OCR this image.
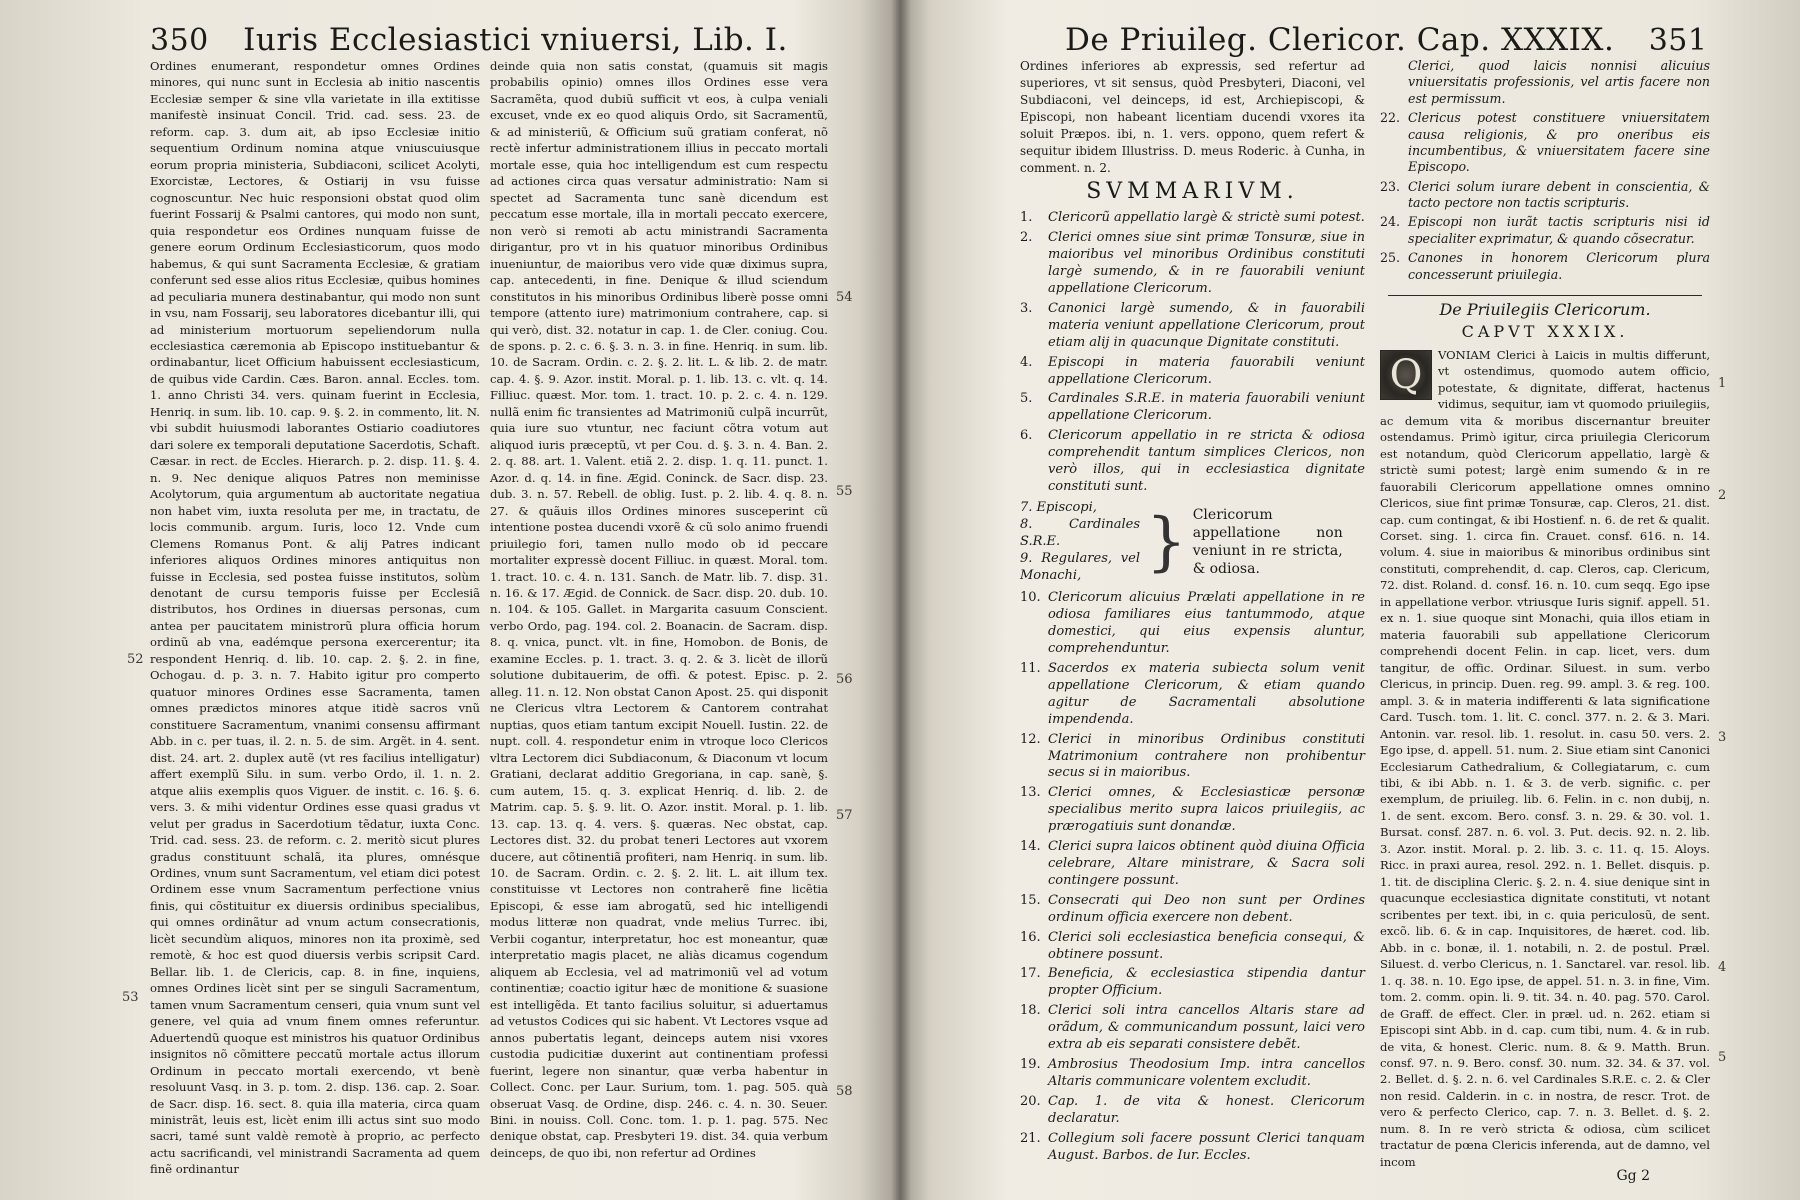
350 Iuris Ecclesiastici vniuersi, Lib. I.

Ordines enumerant, respondetur omnes Ordines minores, qui nunc sunt in Ecclesia ab initio nascentis Ecclesiæ semper & sine vlla varietate in illa extitisse manifestè insinuat Concil. Trid. cad. sess. 23. de reform. cap. 3. dum ait, ab ipso Ecclesiæ initio sequentium Ordinum nomina atque vniuscuiusque eorum propria ministeria, Subdiaconi, scilicet Acolyti, Exorcistæ, Lectores, & Ostiarij in vsu fuisse cognoscuntur. Nec huic responsioni obstat quod olim fuerint Fossarij & Psalmi cantores, qui modo non sunt, quia respondetur eos Ordines nunquam fuisse de genere eorum Ordinum Ecclesiasticorum, quos modo habemus, & qui sunt Sacramenta Ecclesiæ, & gratiam conferunt sed esse alios ritus Ecclesiæ, quibus homines ad peculiaria munera destinabantur, qui modo non sunt in vsu, nam Fossarij, seu laboratores dicebantur illi, qui ad ministerium mortuorum sepeliendorum nulla ecclesiastica cæremonia ab Episcopo instituebantur & ordinabantur, licet Officium habuissent ecclesiasticum, de quibus vide Cardin. Cæs. Baron. annal. Eccles. tom. 1. anno Christi 34. vers. quinam fuerint in Ecclesia, Henriq. in sum. lib. 10. cap. 9. §. 2. in commento, lit. N. vbi subdit huiusmodi laborantes Ostiario coadiutores dari solere ex temporali deputatione Sacerdotis, Schaft. Cæsar. in rect. de Eccles. Hierarch. p. 2. disp. 11. §. 4. n. 9. Nec denique aliquos Patres non meminisse Acolytorum, quia argumentum ab auctoritate negatiua non habet vim, iuxta resoluta per me, in tractatu, de locis communib. argum. Iuris, loco 12. Vnde cum Clemens Romanus Pont. & alij Patres indicant inferiores aliquos Ordines minores antiquitus non fuisse in Ecclesia, sed postea fuisse institutos, solùm denotant de cursu temporis fuisse per Ecclesiã distributos, hos Ordines in diuersas personas, cum antea per paucitatem ministrorũ plura officia horum ordinũ ab vna, eadémque persona exercerentur; ita respondent Henriq. d. lib. 10. cap. 2. §. 2. in fine, Ochogau. d. p. 3. n. 7. Habito igitur pro comperto quatuor minores Ordines esse Sacramenta, tamen omnes prædictos minores atque itidè sacros vnũ constituere Sacramentum, vnanimi consensu affirmant Abb. in c. per tuas, il. 2. n. 5. de sim. Argẽt. in 4. sent. dist. 24. art. 2. duplex autẽ (vt res facilius intelligatur) affert exemplũ Silu. in sum. verbo Ordo, il. 1. n. 2. atque aliis exemplis quos Viguer. de instit. c. 16. §. 6. vers. 3. & mihi videntur Ordines esse quasi gradus vt velut per gradus in Sacerdotium tẽdatur, iuxta Conc. Trid. cad. sess. 23. de reform. c. 2. meritò sicut plures gradus constituunt schalã, ita plures, omnésque Ordines, vnum sunt Sacramentum, vel etiam dici potest Ordinem esse vnum Sacramentum perfectione vnius finis, qui cõstituitur ex diuersis ordinibus specialibus, qui omnes ordinãtur ad vnum actum consecrationis, licèt secundùm aliquos, minores non ita proximè, sed remotè, & hoc est quod diuersis verbis scripsit Card. Bellar. lib. 1. de Clericis, cap. 8. in fine, inquiens, omnes Ordines licèt sint per se singuli Sacramentum, tamen vnum Sacramentum censeri, quia vnum sunt vel genere, vel quia ad vnum finem omnes referuntur. Aduertendũ quoque est ministros his quatuor Ordinibus insignitos nõ cõmittere peccatũ mortale actus illorum Ordinum in peccato mortali exercendo, vt benè resoluunt Vasq. in 3. p. tom. 2. disp. 136. cap. 2. Soar. de Sacr. disp. 16. sect. 8. quia illa materia, circa quam ministrãt, leuis est, licèt enim illi actus sint suo modo sacri, tamé sunt valdè remotè à proprio, ac perfecto actu sacrificandi, vel ministrandi Sacramenta ad quem finẽ ordinantur

deinde quia non satis constat, (quamuis sit magis probabilis opinio) omnes illos Ordines esse vera Sacramẽta, quod dubiũ sufficit vt eos, à culpa veniali excuset, vnde ex eo quod aliquis Ordo, sit Sacramentũ, & ad ministeriũ, & Officium suũ gratiam conferat, nõ rectè infertur administrationem illius in peccato mortali mortale esse, quia hoc intelligendum est cum respectu ad actiones circa quas versatur administratio: Nam si spectet ad Sacramenta tunc sanè dicendum est peccatum esse mortale, illa in mortali peccato exercere, non verò si remoti ab actu ministrandi Sacramenta dirigantur, pro vt in his quatuor minoribus Ordinibus inueniuntur, de maioribus vero vide quæ diximus supra, cap. antecedenti, in fine. Denique & illud sciendum constitutos in his minoribus Ordinibus liberè posse omni tempore (attento iure) matrimonium contrahere, cap. si qui verò, dist. 32. notatur in cap. 1. de Cler. coniug. Cou. de spons. p. 2. c. 6. §. 3. n. 3. in fine. Henriq. in sum. lib. 10. de Sacram. Ordin. c. 2. §. 2. lit. L. & lib. 2. de matr. cap. 4. §. 9. Azor. instit. Moral. p. 1. lib. 13. c. vlt. q. 14. Filliuc. quæst. Mor. tom. 1. tract. 10. p. 2. c. 4. n. 129. nullã enim fic transientes ad Matrimoniũ culpã incurrũt, quia iure suo vtuntur, nec faciunt cõtra votum aut aliquod iuris præceptũ, vt per Cou. d. §. 3. n. 4. Ban. 2. 2. q. 88. art. 1. Valent. etiã 2. 2. disp. 1. q. 11. punct. 1. Azor. d. q. 14. in fine. Ægid. Coninck. de Sacr. disp. 23. dub. 3. n. 57. Rebell. de oblig. Iust. p. 2. lib. 4. q. 8. n. 27. & quãuis illos Ordines minores susceperint cũ intentione postea ducendi vxorẽ & cũ solo animo fruendi priuilegio fori, tamen nullo modo ob id peccare mortaliter expressè docent Filliuc. in quæst. Moral. tom. 1. tract. 10. c. 4. n. 131. Sanch. de Matr. lib. 7. disp. 31. n. 16. & 17. Ægid. de Connick. de Sacr. disp. 20. dub. 10. n. 104. & 105. Gallet. in Margarita casuum Conscient. verbo Ordo, pag. 194. col. 2. Boanacin. de Sacram. disp. 8. q. vnica, punct. vlt. in fine, Homobon. de Bonis, de examine Eccles. p. 1. tract. 3. q. 2. & 3. licèt de illorũ solutione dubitauerim, de offi. & potest. Episc. p. 2. alleg. 11. n. 12. Non obstat Canon Apost. 25. qui disponit ne Clericus vltra Lectorem & Cantorem contrahat nuptias, quos etiam tantum excipit Nouell. Iustin. 22. de nupt. coll. 4. respondetur enim in vtroque loco Clericos vltra Lectorem dici Subdiaconum, & Diaconum vt locum Gratiani, declarat additio Gregoriana, in cap. sanè, §. cum autem, 15. q. 3. explicat Henriq. d. lib. 2. de Matrim. cap. 5. §. 9. lit. O. Azor. instit. Moral. p. 1. lib. 13. cap. 13. q. 4. vers. §. quæras. Nec obstat, cap. Lectores dist. 32. du probat teneri Lectores aut vxorem ducere, aut cõtinentiã profiteri, nam Henriq. in sum. lib. 10. de Sacram. Ordin. c. 2. §. 2. lit. L. ait illum tex. constituisse vt Lectores non contraherẽ fine licẽtia Episcopi, & esse iam abrogatũ, sed hic intelligendi modus litteræ non quadrat, vnde melius Turrec. ibi, Verbii cogantur, interpretatur, hoc est moneantur, quæ interpretatio magis placet, ne aliàs dicamus cogendum aliquem ab Ecclesia, vel ad matrimoniũ vel ad votum continentiæ; coactio igitur hæc de monitione & suasione est intelligẽda. Et tanto facilius soluitur, si aduertamus ad vetustos Codices qui sic habent. Vt Lectores vsque ad annos pubertatis legant, deinceps autem nisi vxores custodia pudicitiæ duxerint aut continentiam professi fuerint, legere non sinantur, quæ verba habentur in Collect. Conc. per Laur. Surium, tom. 1. pag. 505. quà obseruat Vasq. de Ordine, disp. 246. c. 4. n. 30. Seuer. Bini. in nouiss. Coll. Conc. tom. 1. p. 1. pag. 575. Nec denique obstat, cap. Presbyteri 19. dist. 34. quia verbum deinceps, de quo ibi, non refertur ad Ordines

52
53
54
55
56
57
58
De Priuileg. Clericor. Cap. XXXIX. 351

Ordines inferiores ab expressis, sed refertur ad superiores, vt sit sensus, quòd Presbyteri, Diaconi, vel Subdiaconi, vel deinceps, id est, Archiepiscopi, & Episcopi, non habeant licentiam ducendi vxores ita soluit Præpos. ibi, n. 1. vers. oppono, quem refert & sequitur ibidem Illustriss. D. meus Roderic. à Cunha, in comment. n. 2.

SVMMARIVM.
1.	Clericorũ appellatio largè & strictè sumi potest.
2.	Clerici omnes siue sint primæ Tonsuræ, siue in maioribus vel minoribus Ordinibus constituti largè sumendo, & in re fauorabili veniunt appellatione Clericorum.
3.	Canonici largè sumendo, & in fauorabili materia veniunt appellatione Clericorum, prout etiam alij in quacunque Dignitate constituti.
4.	Episcopi in materia fauorabili veniunt appellatione Clericorum.
5.	Cardinales S.R.E. in materia fauorabili veniunt appellatione Clericorum.
6.	Clericorum appellatio in re stricta & odiosa comprehendit tantum simplices Clericos, non verò illos, qui in ecclesiastica dignitate constituti sunt.
7. Episcopi,
8. Cardinales S.R.E.
9. Regulares, vel Monachi,	} Clericorum appellatione non veniunt in re stricta, & odiosa.
10. Clericorum alicuius Prælati appellatione in re odiosa familiares eius tantummodo, atque domestici, qui eius expensis aluntur, comprehenduntur.
11. Sacerdos ex materia subiecta solum venit appellatione Clericorum, & etiam quando agitur de Sacramentali absolutione impendenda.
12. Clerici in minoribus Ordinibus constituti Matrimonium contrahere non prohibentur secus si in maioribus.
13. Clerici omnes, & Ecclesiasticæ personæ specialibus merito supra laicos priuilegiis, ac prærogatiuis sunt donandæ.
14. Clerici supra laicos obtinent quòd diuina Officia celebrare, Altare ministrare, & Sacra soli contingere possunt.
15. Consecrati qui Deo non sunt per Ordines ordinum officia exercere non debent.
16. Clerici soli ecclesiastica beneficia consequi, & obtinere possunt.
17. Beneficia, & ecclesiastica stipendia dantur propter Officium.
18. Clerici soli intra cancellos Altaris stare ad orãdum, & communicandum possunt, laici vero extra ab eis separati consistere debẽt.
19. Ambrosius Theodosium Imp. intra cancellos Altaris communicare volentem excludit.
20. Cap. 1. de vita & honest. Clericorum declaratur.
21. Collegium soli facere possunt Clerici tanquam August. Barbos. de Iur. Eccles.
Clerici, quod laicis nonnisi alicuius vniuersitatis professionis, vel artis facere non est permissum.
22. Clericus potest constituere vniuersitatem causa religionis, & pro oneribus eis incumbentibus, & vniuersitatem facere sine Episcopo.
23. Clerici solum iurare debent in conscientia, & tacto pectore non tactis scripturis.
24. Episcopi non iurãt tactis scripturis nisi id specialiter exprimatur, & quando cõsecratur.
25. Canones in honorem Clericorum plura concesserunt priuilegia.
De Priuilegiis Clericorum.
CAPVT XXXIX.

Q	VONIAM Clerici à Laicis in multis differunt, vt ostendimus, quomodo autem officio, potestate, & dignitate, differat, hactenus vidimus, sequitur, iam vt quomodo priuilegiis, ac demum vita & moribus discernantur breuiter ostendamus. Primò igitur, circa priuilegia Clericorum est notandum, quòd Clericorum appellatio, largè & strictè sumi potest; largè enim sumendo & in re fauorabili Clericorum appellatione omnes omnino Clericos, siue fint primæ Tonsuræ, cap. Cleros, 21. dist. cap. cum contingat, & ibi Hostienf. n. 6. de ret & qualit. Corset. sing. 1. circa fin. Crauet. consf. 616. n. 14. volum. 4. siue in maioribus & minoribus ordinibus sint constituti, comprehendit, d. cap. Cleros, cap. Clericum, 72. dist. Roland. d. consf. 16. n. 10. cum seqq. Ego ipse in appellatione verbor. vtriusque Iuris signif. appell. 51. ex n. 1. siue quoque sint Monachi, quia illos etiam in materia fauorabili sub appellatione Clericorum comprehendi docent Felin. in cap. licet, vers. dum tangitur, de offic. Ordinar. Siluest. in sum. verbo Clericus, in princip. Duen. reg. 99. ampl. 3. & reg. 100. ampl. 3. & in materia indifferenti & lata significatione Card. Tusch. tom. 1. lit. C. concl. 377. n. 2. & 3. Mari. Antonin. var. resol. lib. 1. resolut. in. casu 50. vers. 2. Ego ipse, d. appell. 51. num. 2. Siue etiam sint Canonici Ecclesiarum Cathedralium, & Collegiatarum, c. cum tibi, & ibi Abb. n. 1. & 3. de verb. signific. c. per exemplum, de priuileg. lib. 6. Felin. in c. non dubij, n. 1. de sent. excom. Bero. consf. 3. n. 29. & 30. vol. 1. Bursat. consf. 287. n. 6. vol. 3. Put. decis. 92. n. 2. lib. 3. Azor. instit. Moral. p. 2. lib. 3. c. 11. q. 15. Aloys. Ricc. in praxi aurea, resol. 292. n. 1. Bellet. disquis. p. 1. tit. de disciplina Cleric. §. 2. n. 4. siue denique sint in quacunque ecclesiastica dignitate constituti, vt notant scribentes per text. ibi, in c. quia periculosũ, de sent. excõ. lib. 6. & in cap. Inquisitores, de hæret. cod. lib. Abb. in c. bonæ, il. 1. notabili, n. 2. de postul. Præl. Siluest. d. verbo Clericus, n. 1. Sanctarel. var. resol. lib. 1. q. 38. n. 10. Ego ipse, de appel. 51. n. 3. in fine, Vim. tom. 2. comm. opin. li. 9. tit. 34. n. 40. pag. 570. Carol. de Graff. de effect. Cler. in præl. ud. n. 262. etiam si Episcopi sint Abb. in d. cap. cum tibi, num. 4. & in rub. de vita, & honest. Cleric. num. 8. & 9. Matth. Brun. consf. 97. n. 9. Bero. consf. 30. num. 32. 34. & 37. vol. 2. Bellet. d. §. 2. n. 6. vel Cardinales S.R.E. c. 2. & Cler non resid. Calderin. in c. in nostra, de rescr. Trot. de vero & perfecto Clerico, cap. 7. n. 3. Bellet. d. §. 2. num. 8. In re verò stricta & odiosa, cùm scilicet tractatur de pœna Clericis inferenda, aut de damno, vel incom

Gg 2
1
2
3
4
5
